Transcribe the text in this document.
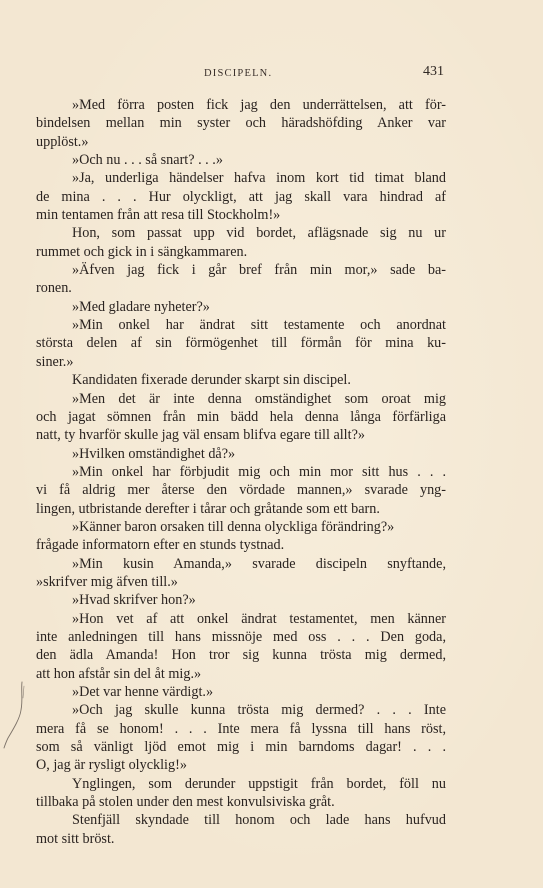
DISCIPELN.	431
»Med förra posten fick jag den underrättelsen, att för-
bindelsen mellan min syster och häradshöfding Anker var
upplöst.»
»Och nu . . . så snart? . . .»
»Ja, underliga händelser hafva inom kort tid timat bland
de mina . . . Hur olyckligt, att jag skall vara hindrad af
min tentamen från att resa till Stockholm!»
Hon, som passat upp vid bordet, aflägsnade sig nu ur
rummet och gick in i sängkammaren.
»Äfven jag fick i går bref från min mor,» sade ba-
ronen.
»Med gladare nyheter?»
»Min onkel har ändrat sitt testamente och anordnat
största delen af sin förmögenhet till förmån för mina ku-
siner.»
Kandidaten fixerade derunder skarpt sin discipel.
»Men det är inte denna omständighet som oroat mig
och jagat sömnen från min bädd hela denna långa förfärliga
natt, ty hvarför skulle jag väl ensam blifva egare till allt?»
»Hvilken omständighet då?»
»Min onkel har förbjudit mig och min mor sitt hus . . .
vi få aldrig mer återse den vördade mannen,» svarade yng-
lingen, utbristande derefter i tårar och gråtande som ett barn.
»Känner baron orsaken till denna olyckliga förändring?»
frågade informatorn efter en stunds tystnad.
»Min kusin Amanda,» svarade discipeln snyftande,
»skrifver mig äfven till.»
»Hvad skrifver hon?»
»Hon vet af att onkel ändrat testamentet, men känner
inte anledningen till hans missnöje med oss . . . Den goda,
den ädla Amanda! Hon tror sig kunna trösta mig dermed,
att hon afstår sin del åt mig.»
»Det var henne värdigt.»
»Och jag skulle kunna trösta mig dermed? . . . Inte
mera få se honom! . . . Inte mera få lyssna till hans röst,
som så vänligt ljöd emot mig i min barndoms dagar! . . .
O, jag är rysligt olycklig!»
Ynglingen, som derunder uppstigit från bordet, föll nu
tillbaka på stolen under den mest konvulsiviska gråt.
Stenfjäll skyndade till honom och lade hans hufvud
mot sitt bröst.
